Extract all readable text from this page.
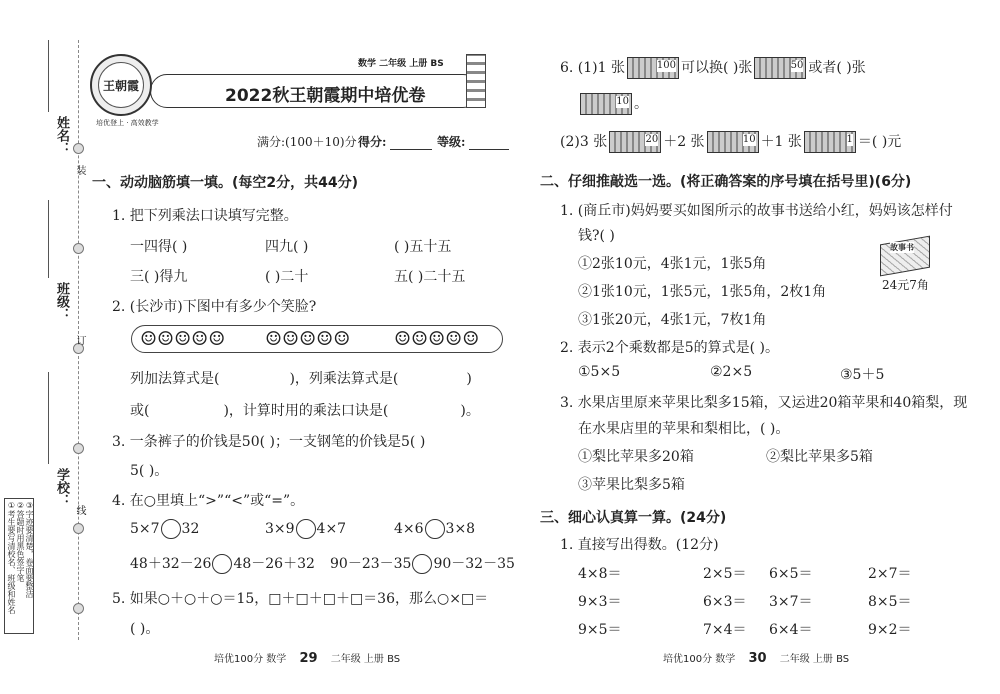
姓名：
班级：
学校：
装
订
线
①考生要写清校名、班级和姓名 ②答题时用黑色签字笔 ③字迹要清楚，卷面要整洁
王朝霞
培优登上 · 高效教学
数学 二年级 上册 BS
2022秋王朝霞期中培优卷
满分:(100＋10)分 得分:	等级:
一、动动脑筋填一填。(每空2分，共44分)
1. 把下列乘法口诀填写完整。
一四得( )	四九( )	( )五十五
三( )得九	( )二十	五( )二十五
2. (长沙市)下图中有多少个笑脸?
☺☺☺☺☺ ☺☺☺☺☺ ☺☺☺☺☺
列加法算式是(	)，列乘法算式是(	)
或(	)，计算时用的乘法口诀是(	)。
3. 一条裤子的价钱是50( )；一支钢笔的价钱是5( )
5( )。
4. 在○里填上“>”“<”或“=”。
5×7 32	3×9 4×7	4×6 3×8
48＋32－26 48－26＋32 90－23－35 90－32－35
5. 如果○＋○＋○＝15，□＋□＋□＋□＝36，那么○×□＝
( )。
6. (1)1 张	100 可以换( )张	50 或者( )张
10 。
(2)3 张	20 ＋2 张	10 ＋1 张	1 ＝( )元
二、仔细推敲选一选。(将正确答案的序号填在括号里)(6分)
1. (商丘市)妈妈要买如图所示的故事书送给小红，妈妈该怎样付
钱?( )
①2张10元，4张1元，1张5角
②1张10元，1张5元，1张5角，2枚1角
③1张20元，4张1元，7枚1角
故事书
24元7角
2. 表示2个乘数都是5的算式是( )。
①5×5	②2×5	③5＋5
3. 水果店里原来苹果比梨多15箱，又运进20箱苹果和40箱梨，现
在水果店里的苹果和梨相比，( )。
①梨比苹果多20箱	②梨比苹果多5箱
③苹果比梨多5箱
三、细心认真算一算。(24分)
1. 直接写出得数。(12分)
4×8＝	2×5＝ 6×5＝	2×7＝
9×3＝	6×3＝ 3×7＝	8×5＝
9×5＝	7×4＝ 6×4＝	9×2＝
培优100分 数学 29 二年级 上册 BS	培优100分 数学 30 二年级 上册 BS
